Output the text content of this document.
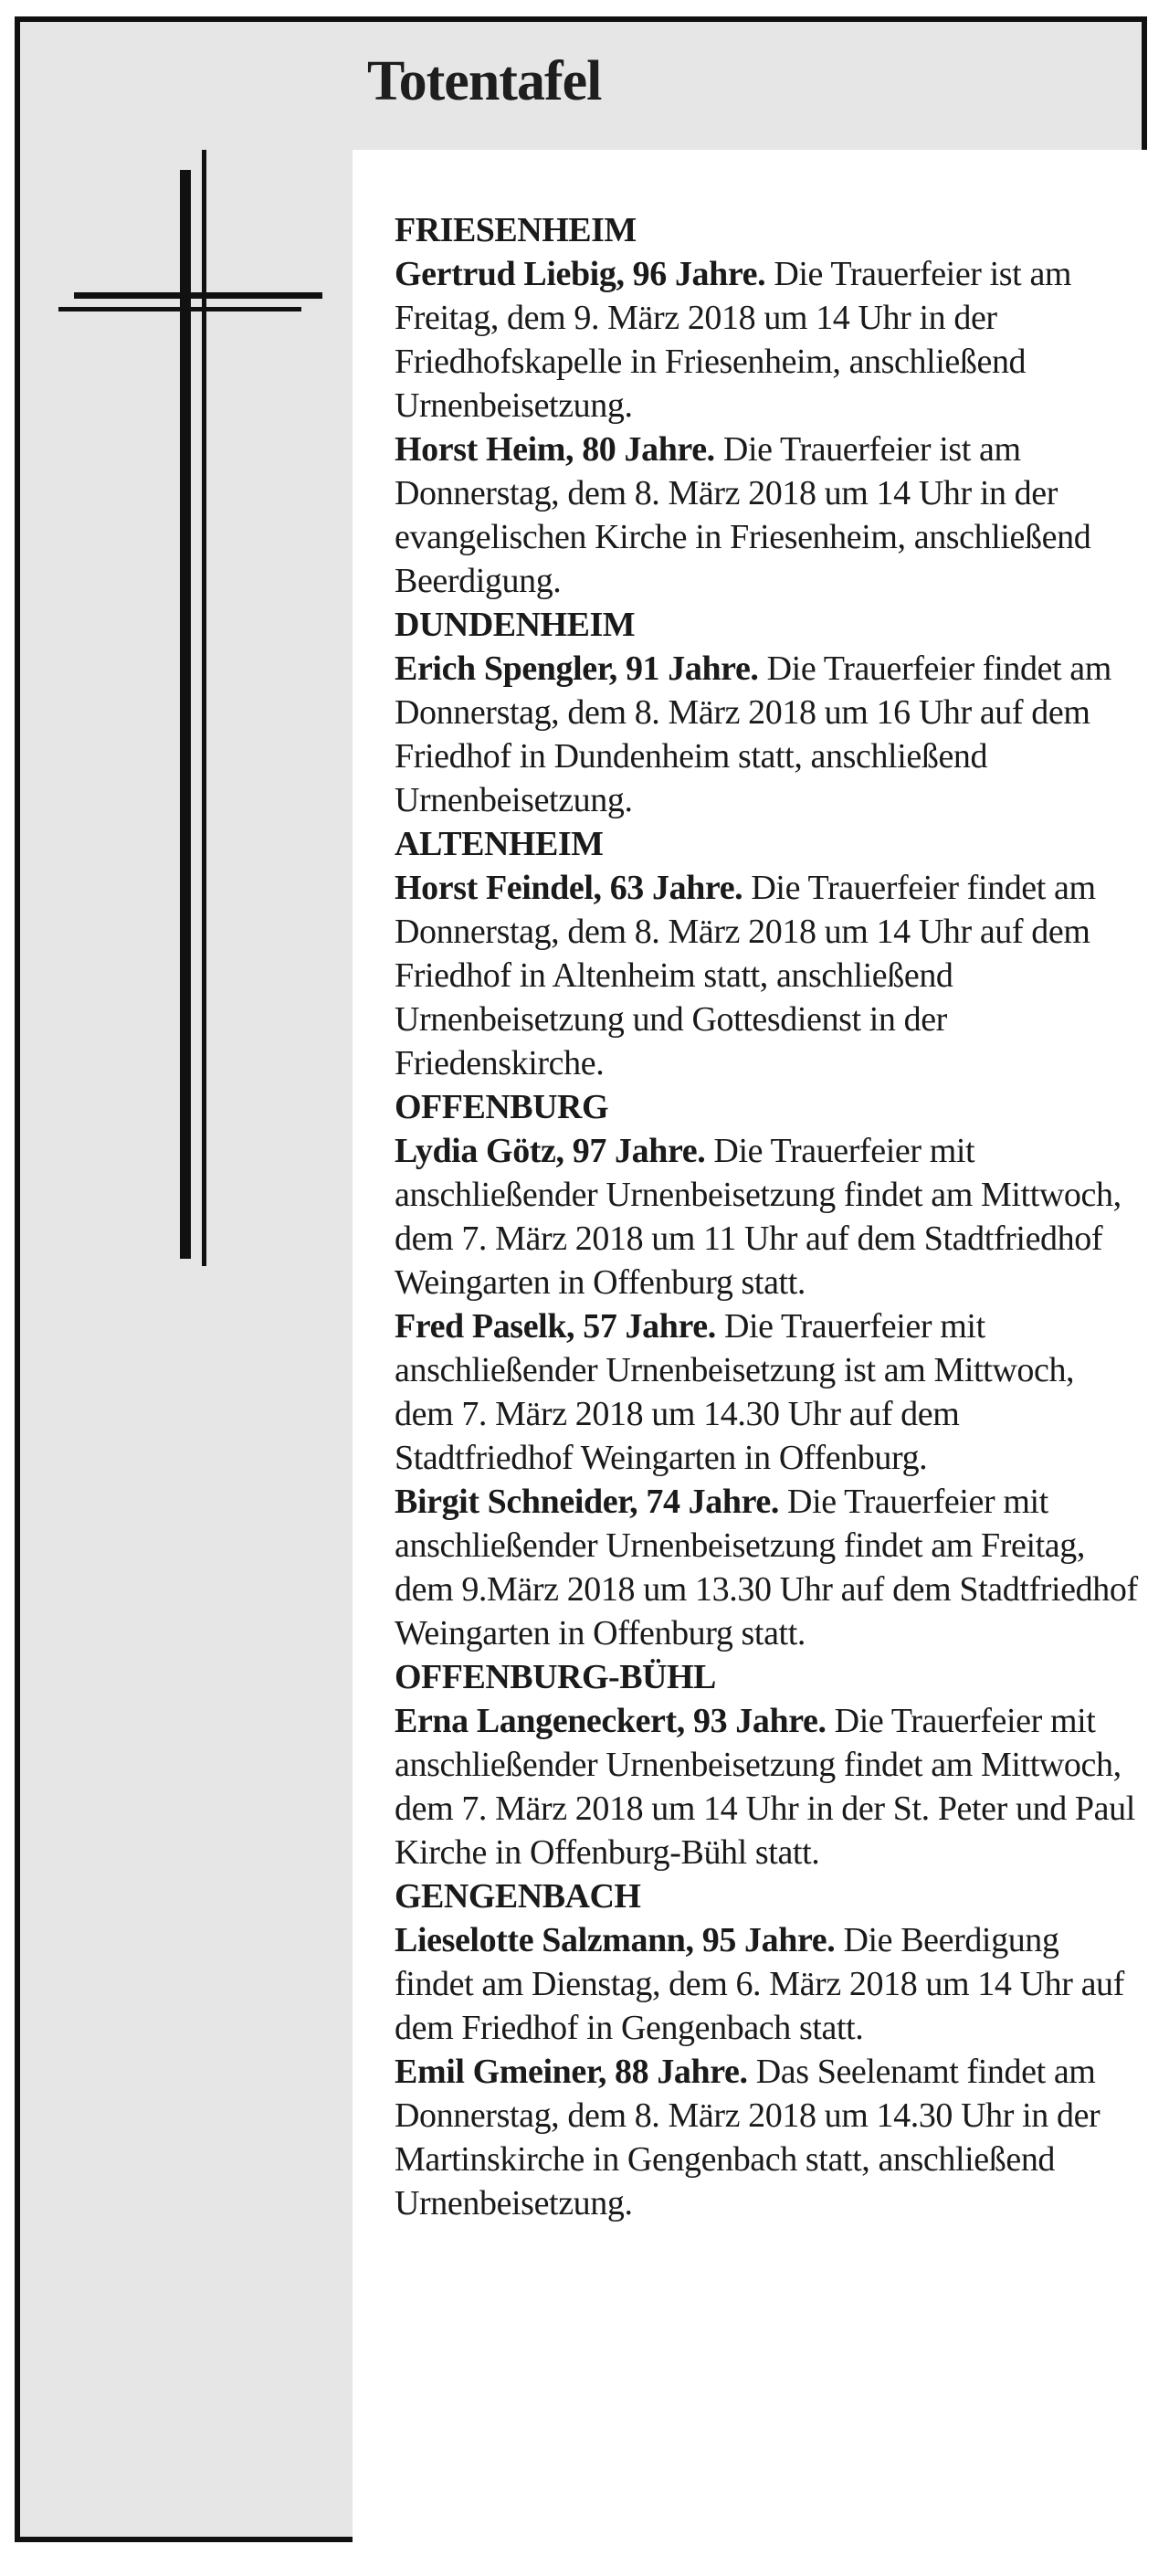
Totentafel

FRIESENHEIM

Gertrud Liebig, 96 Jahre. Die Trauerfeier ist am Freitag, dem 9. März 2018 um 14 Uhr in der Friedhofskapelle in Friesenheim, anschließend Urnenbeisetzung.

Horst Heim, 80 Jahre. Die Trauerfeier ist am Donnerstag, dem 8. März 2018 um 14 Uhr in der evangelischen Kirche in Friesenheim, anschließend Beerdigung.

DUNDENHEIM

Erich Spengler, 91 Jahre. Die Trauerfeier findet am Donnerstag, dem 8. März 2018 um 16 Uhr auf dem Friedhof in Dundenheim statt, anschließend Urnenbeisetzung.

ALTENHEIM

Horst Feindel, 63 Jahre. Die Trauerfeier findet am Donnerstag, dem 8. März 2018 um 14 Uhr auf dem Friedhof in Altenheim statt, anschließend Urnenbeisetzung und Gottesdienst in der Friedenskirche.

OFFENBURG

Lydia Götz, 97 Jahre. Die Trauerfeier mit anschließender Urnenbeisetzung findet am Mittwoch, dem 7. März 2018 um 11 Uhr auf dem Stadtfriedhof Weingarten in Offenburg statt.

Fred Paselk, 57 Jahre. Die Trauerfeier mit anschließender Urnenbeisetzung ist am Mittwoch, dem 7. März 2018 um 14.30 Uhr auf dem Stadtfriedhof Weingarten in Offenburg.

Birgit Schneider, 74 Jahre. Die Trauerfeier mit anschließender Urnenbeisetzung findet am Freitag, dem 9.März 2018 um 13.30 Uhr auf dem Stadtfriedhof Weingarten in Offenburg statt.

OFFENBURG-BÜHL

Erna Langeneckert, 93 Jahre. Die Trauerfeier mit anschließender Urnenbeisetzung findet am Mittwoch, dem 7. März 2018 um 14 Uhr in der St. Peter und Paul Kirche in Offenburg-Bühl statt.

GENGENBACH

Lieselotte Salzmann, 95 Jahre. Die Beerdigung findet am Dienstag, dem 6. März 2018 um 14 Uhr auf dem Friedhof in Gengenbach statt.

Emil Gmeiner, 88 Jahre. Das Seelenamt findet am Donnerstag, dem 8. März 2018 um 14.30 Uhr in der Martinskirche in Gengenbach statt, anschließend Urnenbeisetzung.
